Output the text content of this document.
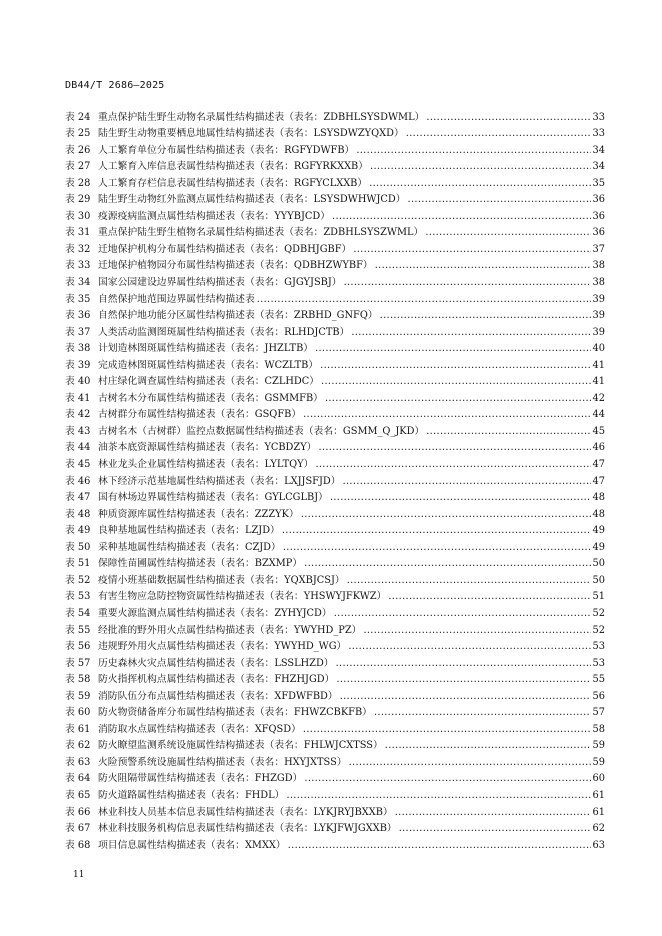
DB44/T 2686—2025
表 24 重点保护陆生野生动物名录属性结构描述表（表名：ZDBHLSYSDWML） . . .	33
表 25 陆生野生动物重要栖息地属性结构描述表（表名：LSYSDWZYQXD） . . .	33
表 26 人工繁育单位分布属性结构描述表（表名：RGFYDWFB） . . .	34
表 27 人工繁育入库信息表属性结构描述表（表名：RGFYRKXXB） . . .	34
表 28 人工繁育存栏信息表属性结构描述表（表名：RGFYCLXXB） . . .	35
表 29 陆生野生动物红外监测点属性结构描述表（表名：LSYSDWHWJCD） . . .	36
表 30 疫源疫病监测点属性结构描述表（表名：YYYBJCD） . . .	36
表 31 重点保护陆生野生植物名录属性结构描述表（表名：ZDBHLSYSZWML） . . .	36
表 32 迁地保护机构分布属性结构描述表（表名：QDBHJGBF） . . .	37
表 33 迁地保护植物园分布属性结构描述表（表名：QDBHZWYBF） . . .	38
表 34 国家公园建设边界属性结构描述表（表名：GJGYJSBJ） . . .	38
表 35 自然保护地范围边界属性结构描述表 . . .	39
表 36 自然保护地功能分区属性结构描述表（表名：ZRBHD_GNFQ） . . .	39
表 37 人类活动监测图斑属性结构描述表（表名：RLHDJCTB） . . .	39
表 38 计划造林图斑属性结构描述表（表名：JHZLTB） . . .	40
表 39 完成造林图斑属性结构描述表（表名：WCZLTB） . . .	41
表 40 村庄绿化调查属性结构描述表（表名：CZLHDC） . . .	41
表 41 古树名木分布属性结构描述表（表名：GSMMFB） . . .	42
表 42 古树群分布属性结构描述表（表名：GSQFB） . . .	44
表 43 古树名木（古树群）监控点数据属性结构描述表（表名：GSMM_Q_JKD） . . .	45
表 44 油茶本底资源属性结构描述表（表名：YCBDZY） . . .	46
表 45 林业龙头企业属性结构描述表（表名：LYLTQY） . . .	47
表 46 林下经济示范基地属性结构描述表（表名：LXJJSFJD） . . .	47
表 47 国有林场边界属性结构描述表（表名：GYLCGLBJ） . . .	48
表 48 种质资源库属性结构描述表（表名：ZZZYK） . . .	48
表 49 良种基地属性结构描述表（表名：LZJD） . . .	49
表 50 采种基地属性结构描述表（表名：CZJD） . . .	49
表 51 保障性苗圃属性结构描述表（表名：BZXMP） . . .	50
表 52 疫情小班基础数据属性结构描述表（表名：YQXBJCSJ） . . .	50
表 53 有害生物应急防控物资属性结构描述表（表名：YHSWYJFKWZ） . . .	51
表 54 重要火源监测点属性结构描述表（表名：ZYHYJCD） . . .	52
表 55 经批准的野外用火点属性结构描述表（表名：YWYHD_PZ） . . .	52
表 56 违规野外用火点属性结构描述表（表名：YWYHD_WG） . . .	53
表 57 历史森林火灾点属性结构描述表（表名：LSSLHZD） . . .	53
表 58 防火指挥机构点属性结构描述表（表名：FHZHJGD） . . .	55
表 59 消防队伍分布点属性结构描述表（表名：XFDWFBD） . . .	56
表 60 防火物资储备库分布属性结构描述表（表名：FHWZCBKFB） . . .	57
表 61 消防取水点属性结构描述表（表名：XFQSD） . . .	58
表 62 防火瞭望监测系统设施属性结构描述表（表名：FHLWJCXTSS） . . .	59
表 63 火险预警系统设施属性结构描述表（表名：HXYJXTSS） . . .	59
表 64 防火阻隔带属性结构描述表（表名：FHZGD） . . .	60
表 65 防火道路属性结构描述表（表名：FHDL） . . .	61
表 66 林业科技人员基本信息表属性结构描述表（表名：LYKJRYJBXXB） . . .	61
表 67 林业科技服务机构信息表属性结构描述表（表名：LYKJFWJGXXB） . . .	62
表 68 项目信息属性结构描述表（表名：XMXX） . . .	63
11
